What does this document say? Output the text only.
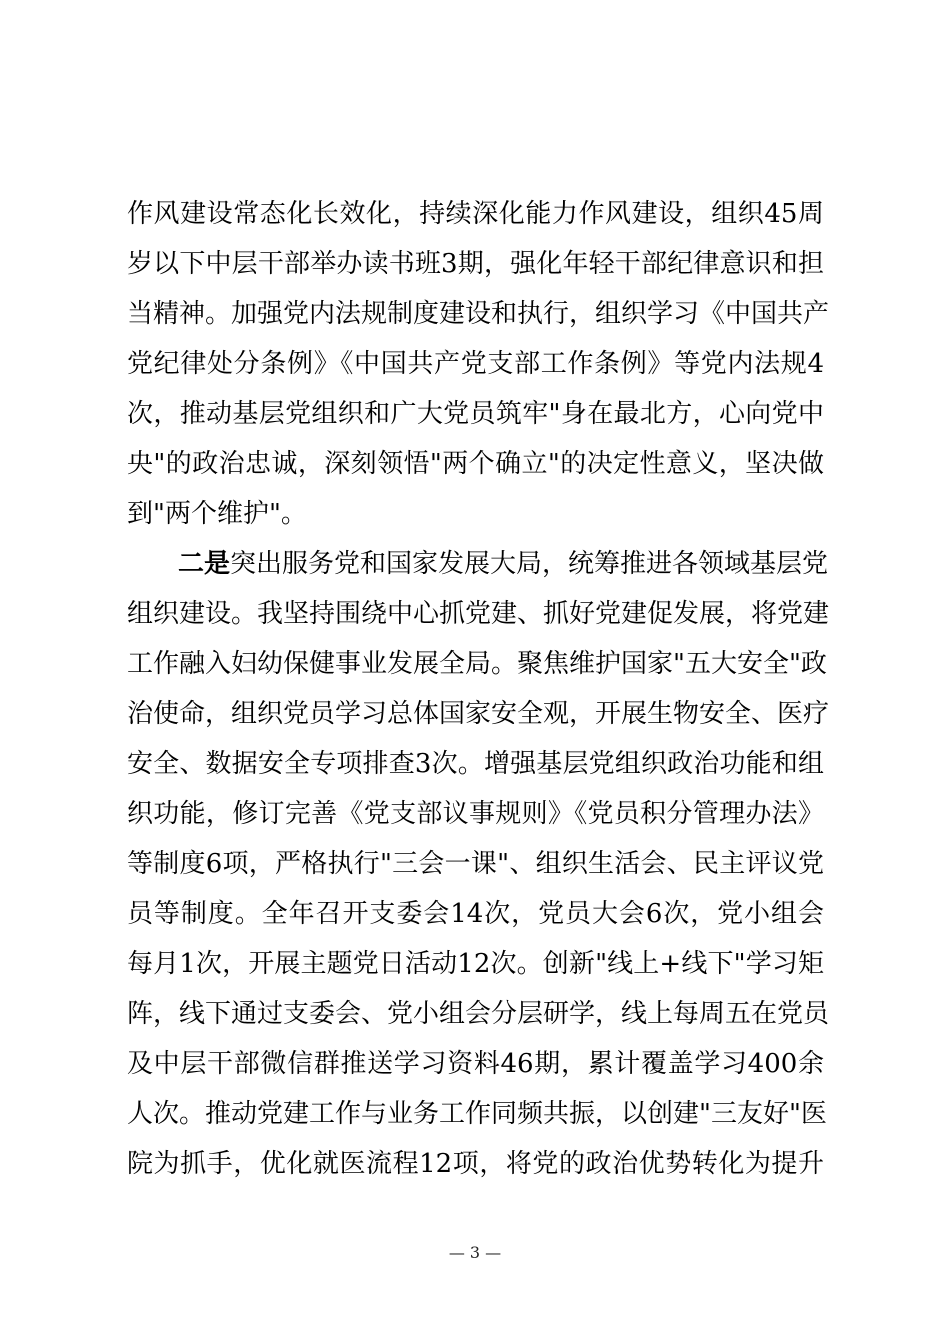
作风建设常态化长效化，持续深化能力作风建设，组织45周
岁以下中层干部举办读书班3期，强化年轻干部纪律意识和担
当精神。加强党内法规制度建设和执行，组织学习《中国共产
党纪律处分条例》《中国共产党支部工作条例》等党内法规4
次，推动基层党组织和广大党员筑牢"身在最北方，心向党中
央"的政治忠诚，深刻领悟"两个确立"的决定性意义，坚决做
到"两个维护"。
二是突出服务党和国家发展大局，统筹推进各领域基层党
组织建设。我坚持围绕中心抓党建、抓好党建促发展，将党建
工作融入妇幼保健事业发展全局。聚焦维护国家"五大安全"政
治使命，组织党员学习总体国家安全观，开展生物安全、医疗
安全、数据安全专项排查3次。增强基层党组织政治功能和组
织功能，修订完善《党支部议事规则》《党员积分管理办法》
等制度6项，严格执行"三会一课"、组织生活会、民主评议党
员等制度。全年召开支委会14次，党员大会6次，党小组会
每月1次，开展主题党日活动12次。创新"线上+线下"学习矩
阵，线下通过支委会、党小组会分层研学，线上每周五在党员
及中层干部微信群推送学习资料46期，累计覆盖学习400余
人次。推动党建工作与业务工作同频共振，以创建"三友好"医
院为抓手，优化就医流程12项，将党的政治优势转化为提升
— 3 —
